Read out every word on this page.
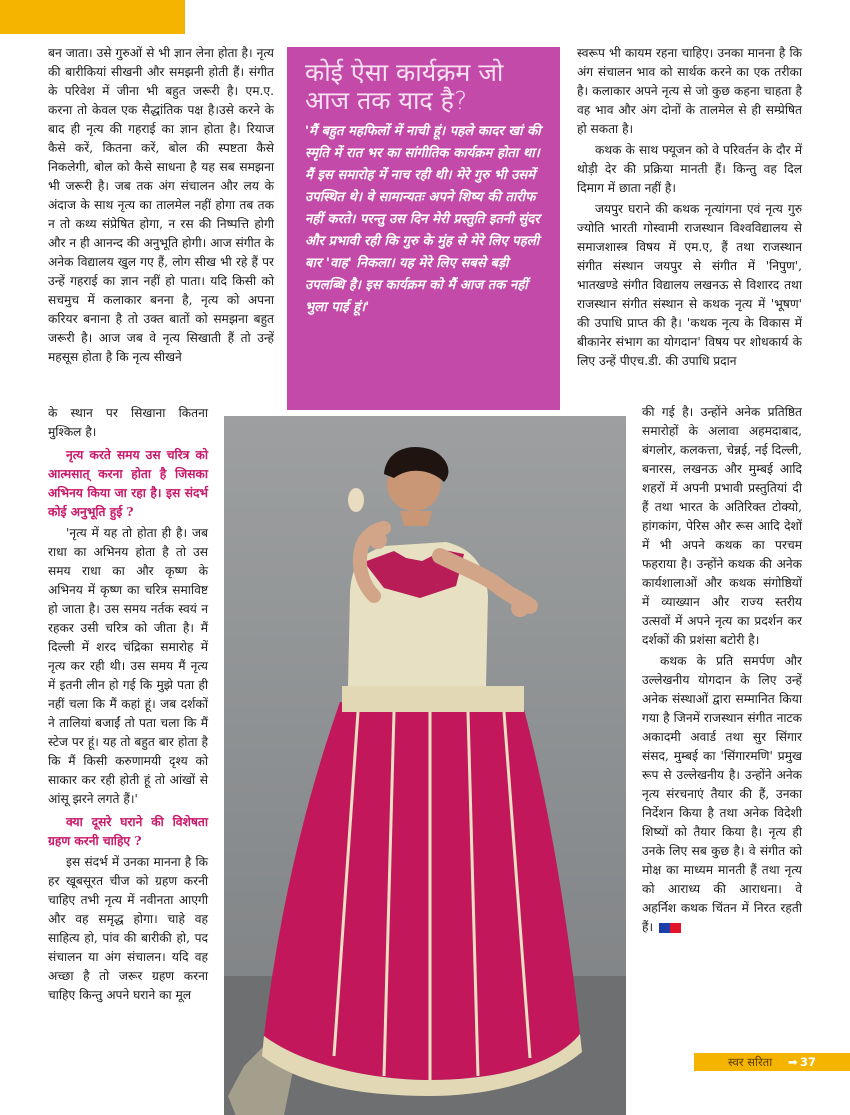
बन जाता। उसे गुरुओं से भी ज्ञान लेना होता है। नृत्य की बारीकियां सीखनी और समझनी होती हैं। संगीत के परिवेश में जीना भी बहुत जरूरी है। एम.ए. करना तो केवल एक सैद्धांतिक पक्ष है।उसे करने के बाद ही नृत्य की गहराई का ज्ञान होता है। रियाज कैसे करें, कितना करें, बोल की स्पष्टता कैसे निकलेगी, बोल को कैसे साधना है यह सब समझना भी जरूरी है। जब तक अंग संचालन और लय के अंदाज के साथ नृत्य का तालमेल नहीं होगा तब तक न तो कथ्य संप्रेषित होगा, न रस की निष्पत्ति होगी और न ही आनन्द की अनुभूति होगी। आज संगीत के अनेक विद्यालय खुल गए हैं, लोग सीख भी रहे हैं पर उन्हें गहराई का ज्ञान नहीं हो पाता। यदि किसी को सचमुच में कलाकार बनना है, नृत्य को अपना करियर बनाना है तो उक्त बातों को समझना बहुत जरूरी है। आज जब वे नृत्य सिखाती हैं तो उन्हें महसूस होता है कि नृत्य सीखने

कोई ऐसा कार्यक्रम जो आज तक याद है?
'मैं बहुत महफिलों में नाची हूं। पहले कादर खां की स्मृति में रात भर का सांगीतिक कार्यक्रम होता था। मैं इस समारोह में नाच रही थी। मेरे गुरु भी उसमें उपस्थित थे। वे सामान्यतः अपने शिष्य की तारीफ नहीं करते। परन्तु उस दिन मेरी प्रस्तुति इतनी सुंदर और प्रभावी रही कि गुरु के मुंह से मेरे लिए पहली बार 'वाह' निकला। यह मेरे लिए सबसे बड़ी उपलब्धि है। इस कार्यक्रम को मैं आज तक नहीं भुला पाई हूं।'

स्वरूप भी कायम रहना चाहिए। उनका मानना है कि अंग संचालन भाव को सार्थक करने का एक तरीका है। कलाकार अपने नृत्य से जो कुछ कहना चाहता है वह भाव और अंग दोनों के तालमेल से ही सम्प्रेषित हो सकता है।

कथक के साथ फ्यूजन को वे परिवर्तन के दौर में थोड़ी देर की प्रक्रिया मानती हैं। किन्तु वह दिल दिमाग में छाता नहीं है।

जयपुर घराने की कथक नृत्यांगना एवं नृत्य गुरु ज्योति भारती गोस्वामी राजस्थान विश्वविद्यालय से समाजशास्त्र विषय में एम.ए, हैं तथा राजस्थान संगीत संस्थान जयपुर से संगीत में 'निपुण', भातखण्डे संगीत विद्यालय लखनऊ से विशारद तथा राजस्थान संगीत संस्थान से कथक नृत्य में 'भूषण' की उपाधि प्राप्त की है। 'कथक नृत्य के विकास में बीकानेर संभाग का योगदान' विषय पर शोधकार्य के लिए उन्हें पीएच.डी. की उपाधि प्रदान

के स्थान पर सिखाना कितना मुश्किल है।

नृत्य करते समय उस चरित्र को आत्मसात् करना होता है जिसका अभिनय किया जा रहा है। इस संदर्भ कोई अनुभूति हुई ?

'नृत्य में यह तो होता ही है। जब राधा का अभिनय होता है तो उस समय राधा का और कृष्ण के अभिनय में कृष्ण का चरित्र समाविष्ट हो जाता है। उस समय नर्तक स्वयं न रहकर उसी चरित्र को जीता है। मैं दिल्ली में शरद चंद्रिका समारोह में नृत्य कर रही थी। उस समय मैं नृत्य में इतनी लीन हो गई कि मुझे पता ही नहीं चला कि मैं कहां हूं। जब दर्शकों ने तालियां बजाईं तो पता चला कि मैं स्टेज पर हूं। यह तो बहुत बार होता है कि मैं किसी करुणामयी दृश्य को साकार कर रही होती हूं तो आंखों से आंसू झरने लगते हैं।'

क्या दूसरे घराने की विशेषता ग्रहण करनी चाहिए ?

इस संदर्भ में उनका मानना है कि हर खूबसूरत चीज को ग्रहण करनी चाहिए तभी नृत्य में नवीनता आएगी और वह समृद्ध होगा। चाहे वह साहित्य हो, पांव की बारीकी हो, पद संचालन या अंग संचालन। यदि वह अच्छा है तो जरूर ग्रहण करना चाहिए किन्तु अपने घराने का मूल

की गई है। उन्होंने अनेक प्रतिष्ठित समारोहों के अलावा अहमदाबाद, बंगलोर, कलकत्ता, चेन्नई, नई दिल्ली, बनारस, लखनऊ और मुम्बई आदि शहरों में अपनी प्रभावी प्रस्तुतियां दी हैं तथा भारत के अतिरिक्त टोक्यो, हांगकांग, पेरिस और रूस आदि देशों में भी अपने कथक का परचम फहराया है। उन्होंने कथक की अनेक कार्यशालाओं और कथक संगोष्ठियों में व्याख्यान और राज्य स्तरीय उत्सवों में अपने नृत्य का प्रदर्शन कर दर्शकों की प्रशंसा बटोरी है।

कथक के प्रति समर्पण और उल्लेखनीय योगदान के लिए उन्हें अनेक संस्थाओं द्वारा सम्मानित किया गया है जिनमें राजस्थान संगीत नाटक अकादमी अवार्ड तथा सुर सिंगार संसद, मुम्बई का 'सिंगारमणि' प्रमुख रूप से उल्लेखनीय है। उन्होंने अनेक नृत्य संरचनाएं तैयार की हैं, उनका निर्देशन किया है तथा अनेक विदेशी शिष्यों को तैयार किया है। नृत्य ही उनके लिए सब कुछ है। वे संगीत को मोक्ष का माध्यम मानती हैं तथा नृत्य को आराध्य की आराधना। वे अहर्निश कथक चिंतन में निरत रहती हैं।

स्वर सरिता ➡ 37
